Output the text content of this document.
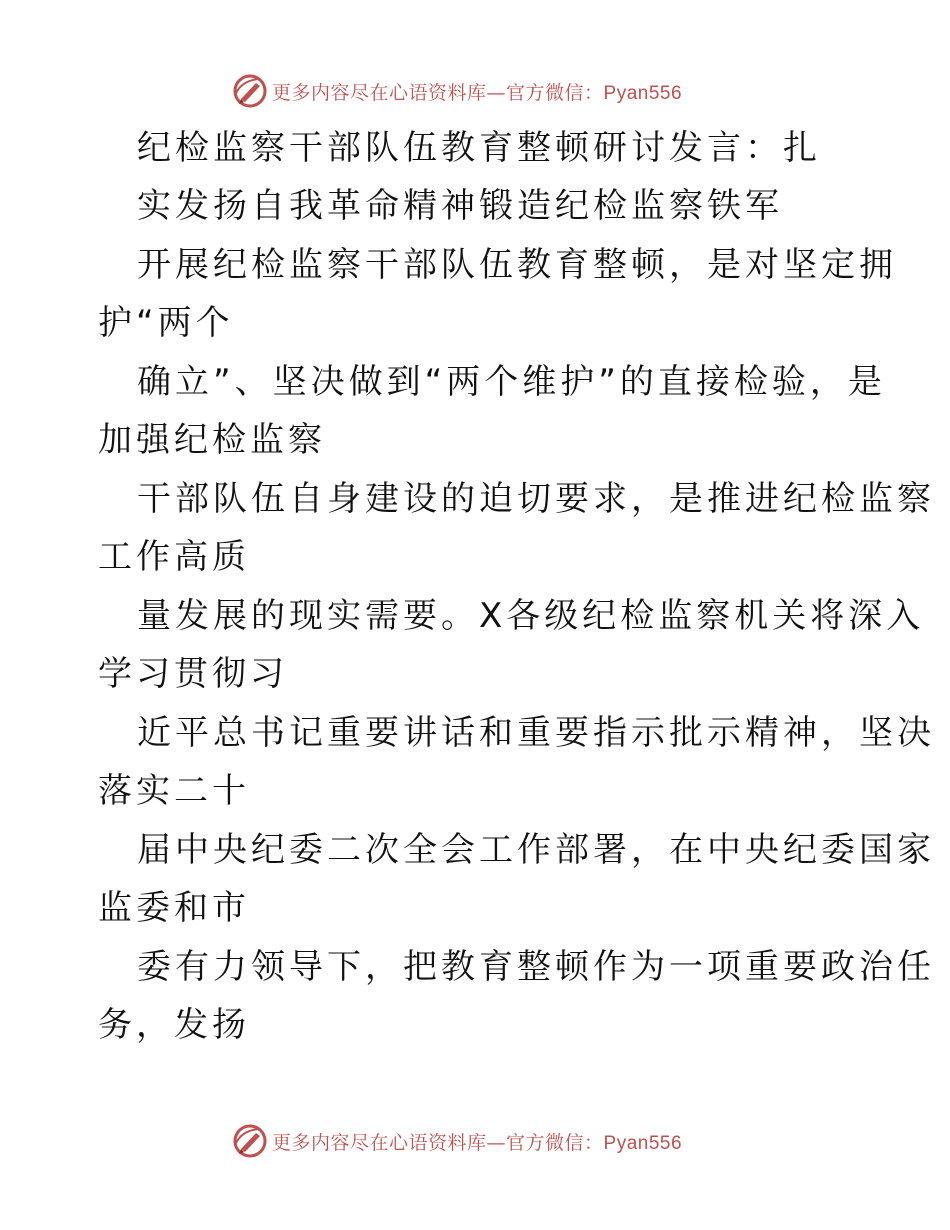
更多内容尽在心语资料库—官方微信：Pyan556
纪检监察干部队伍教育整顿研讨发言：扎
实发扬自我革命精神锻造纪检监察铁军
开展纪检监察干部队伍教育整顿，是对坚定拥
护“两个
确立”、坚决做到“两个维护”的直接检验，是
加强纪检监察
干部队伍自身建设的迫切要求，是推进纪检监察
工作高质
量发展的现实需要。X各级纪检监察机关将深入
学习贯彻习
近平总书记重要讲话和重要指示批示精神，坚决
落实二十
届中央纪委二次全会工作部署，在中央纪委国家
监委和市
委有力领导下，把教育整顿作为一项重要政治任
务，发扬
更多内容尽在心语资料库—官方微信：Pyan556
